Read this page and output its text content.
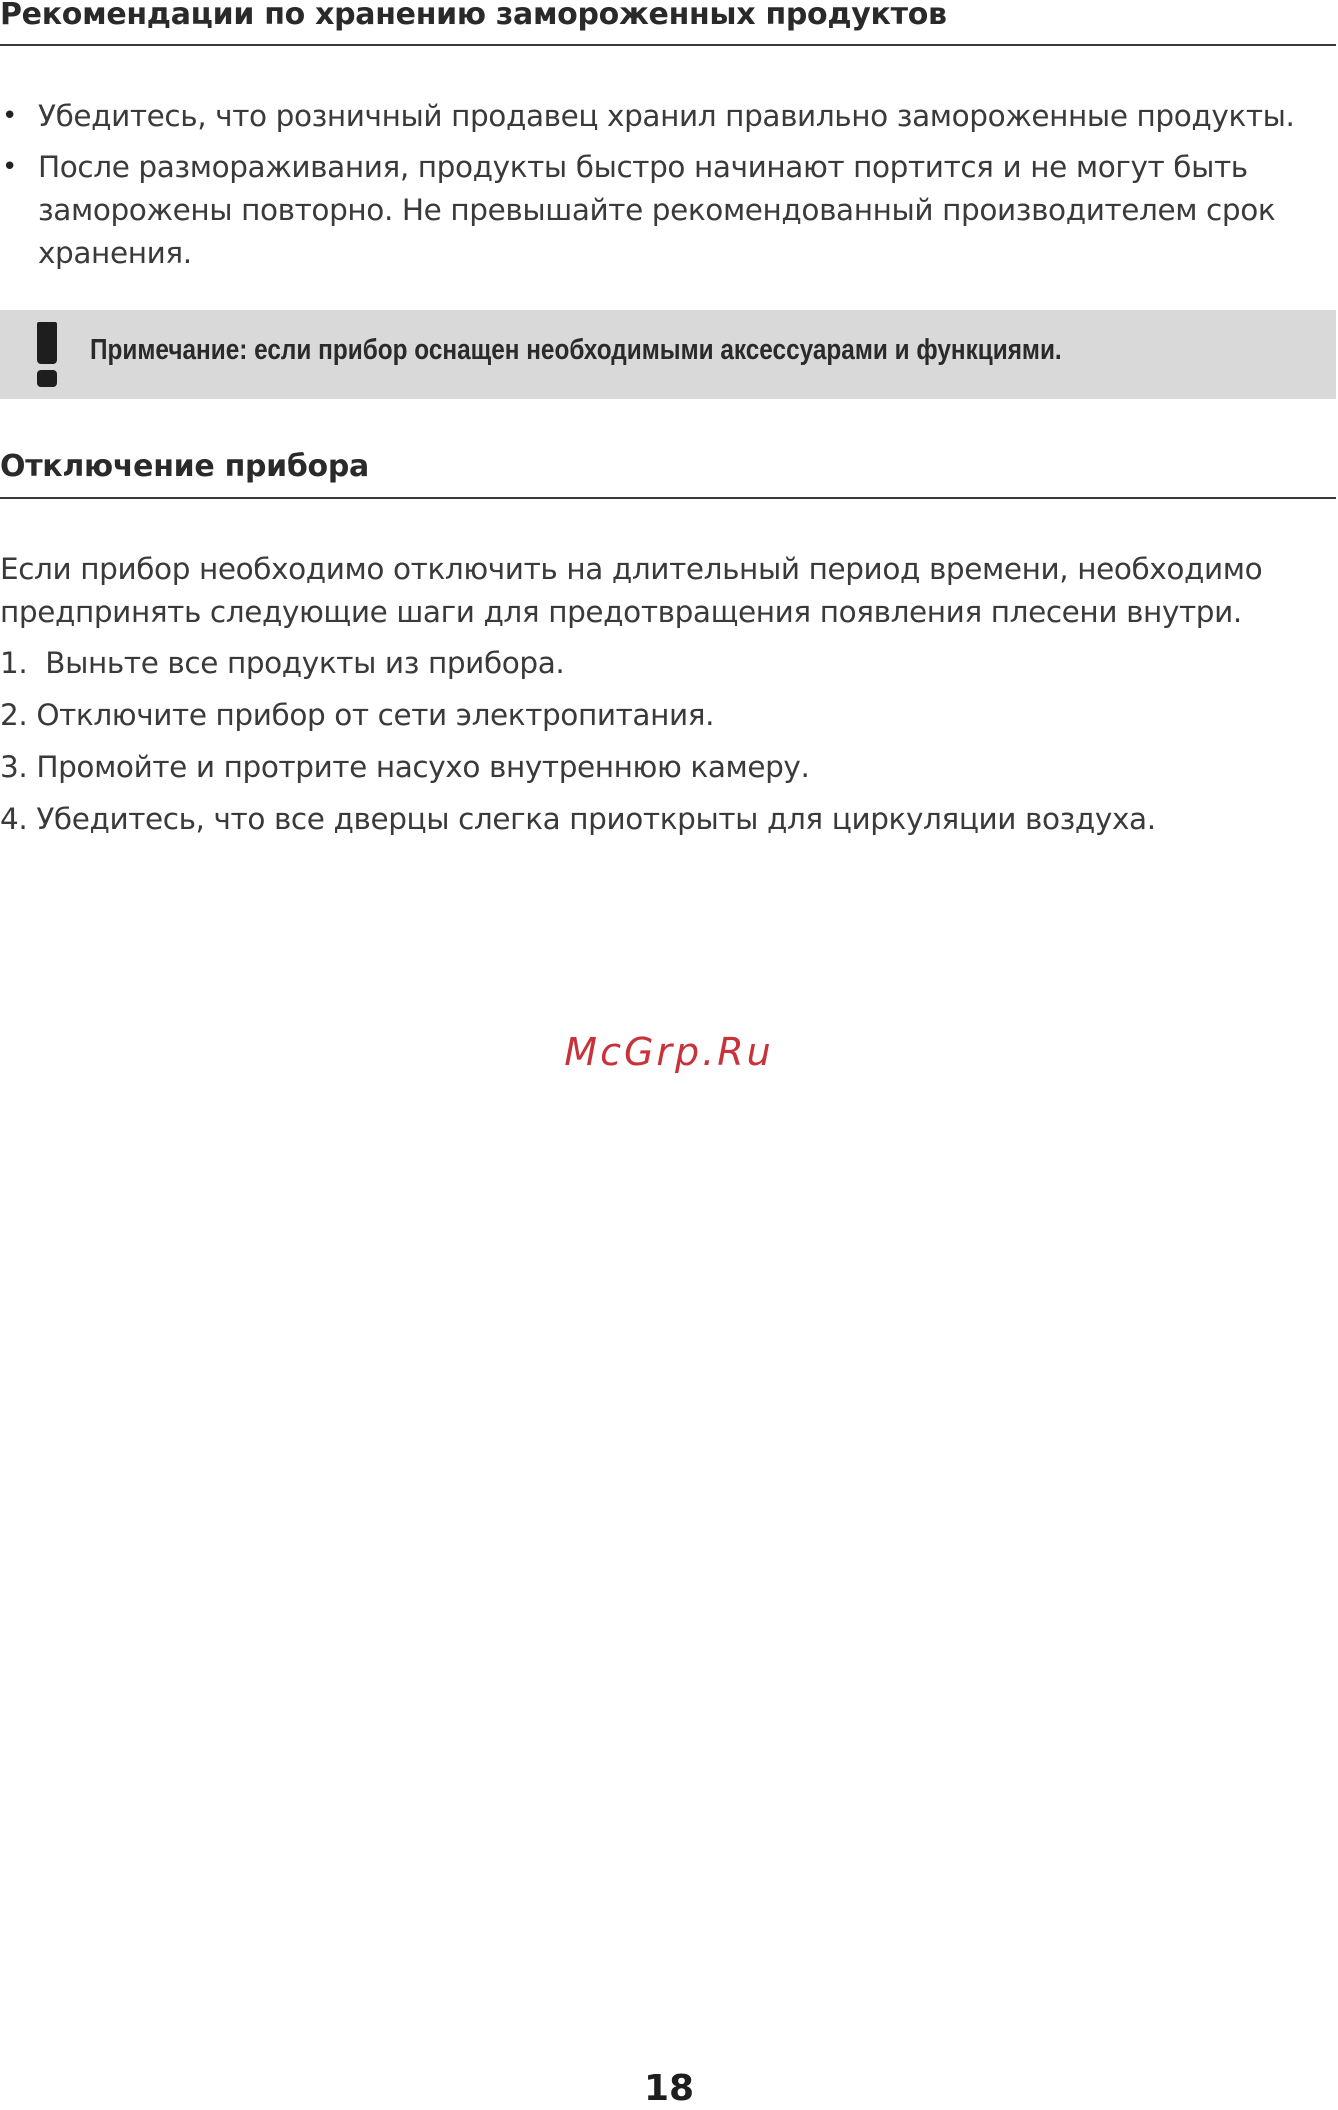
Рекомендации по хранению замороженных продуктов
• Убедитесь, что розничный продавец хранил правильно замороженные продукты.
• После размораживания, продукты быстро начинают портится и не могут быть заморожены повторно. Не превышайте рекомендованный производителем срок хранения.
Примечание: если прибор оснащен необходимыми аксессуарами и функциями.
Отключение прибора

Если прибор необходимо отключить на длительный период времени, необходимо предпринять следующие шаги для предотвращения появления плесени внутри.

1.  Выньте все продукты из прибора.
2. Отключите прибор от сети электропитания.
3. Промойте и протрите насухо внутреннюю камеру.
4. Убедитесь, что все дверцы слегка приоткрыты для циркуляции воздуха.
McGrp.Ru
18
